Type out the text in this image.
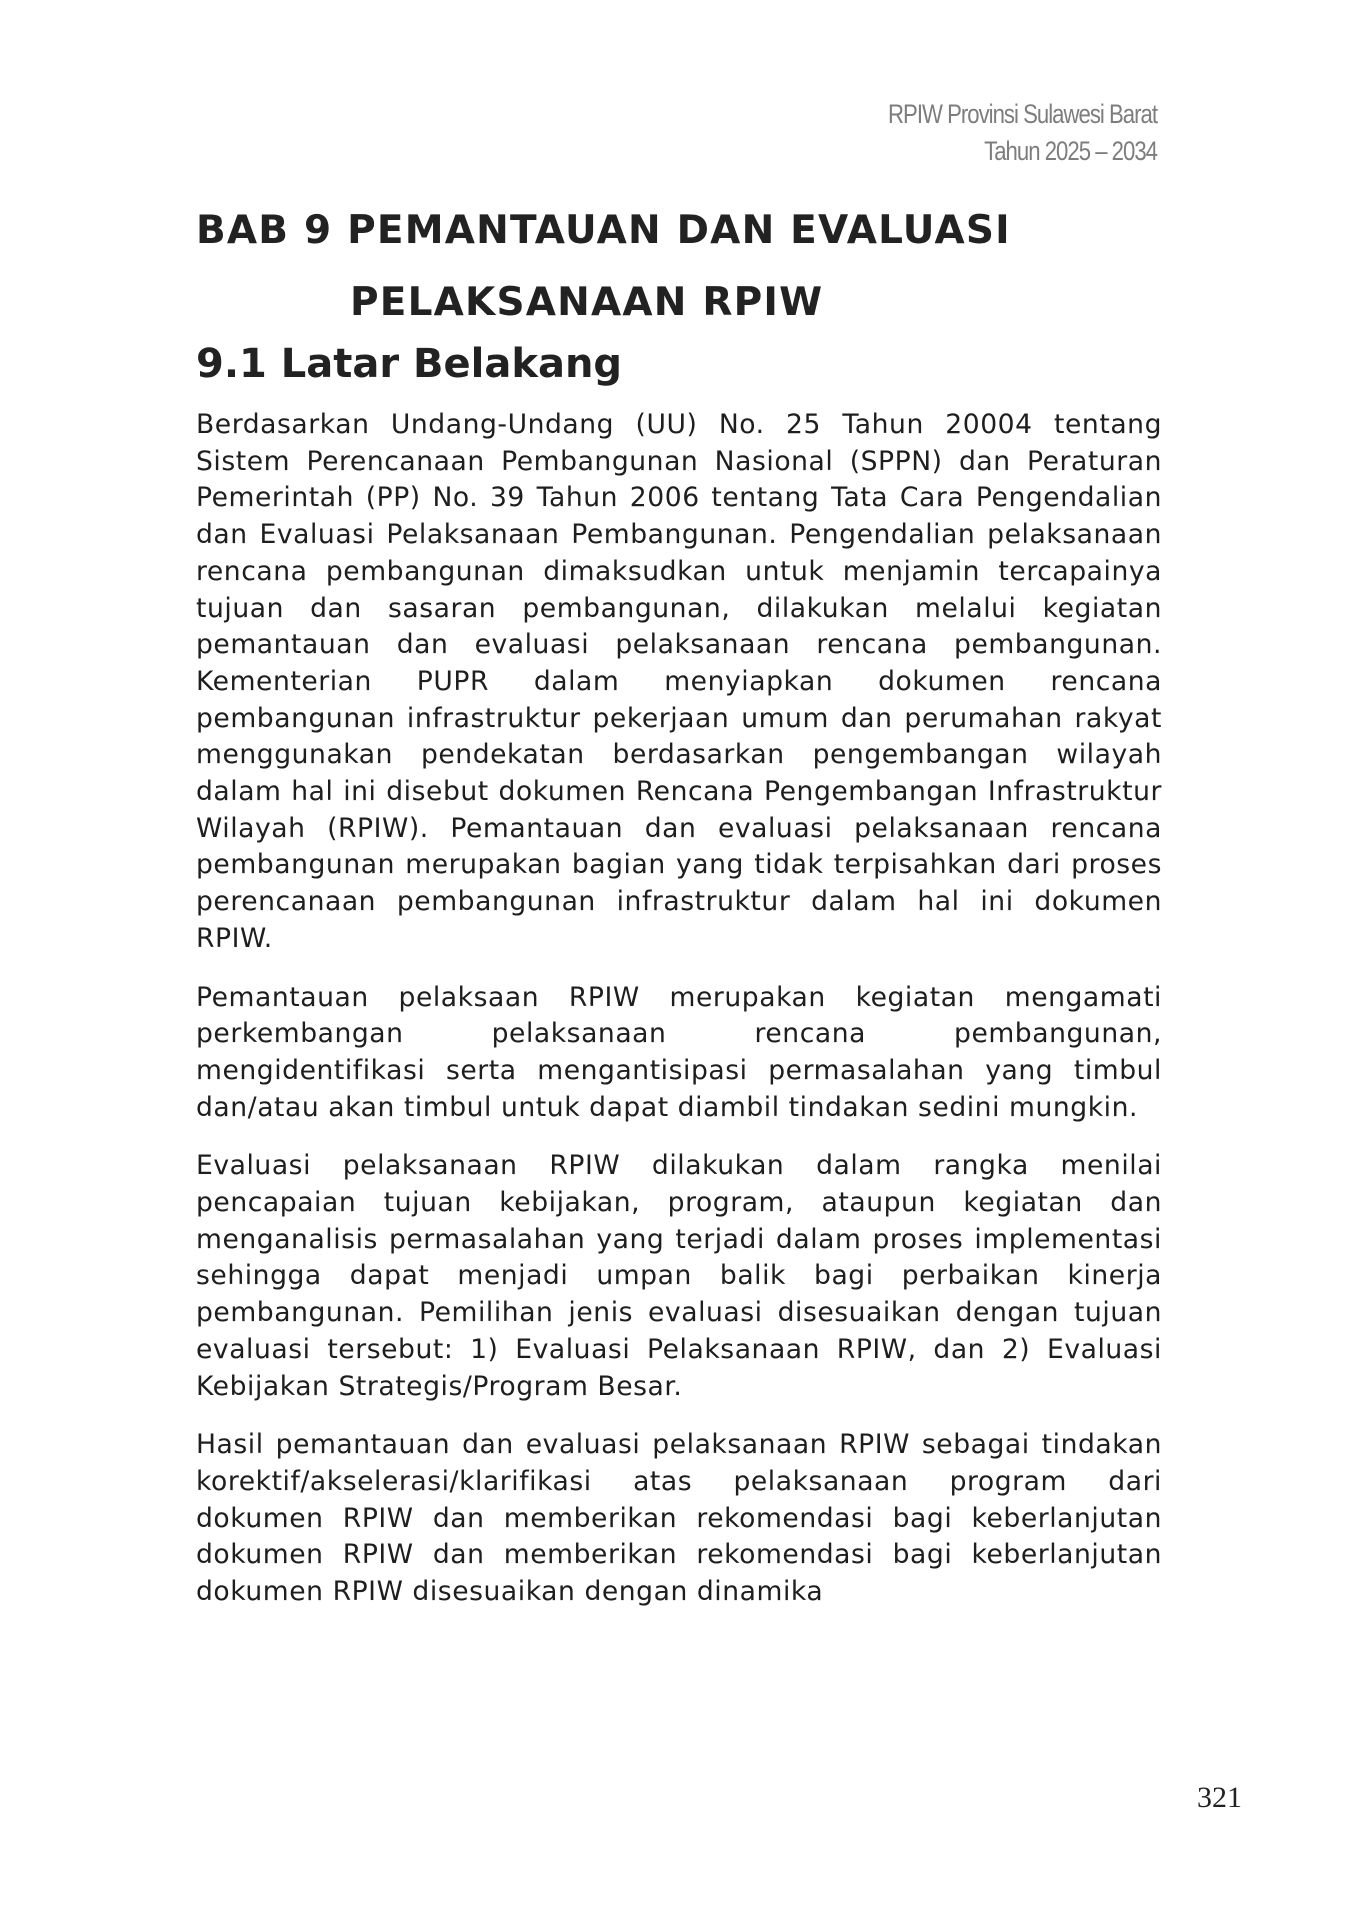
RPIW Provinsi Sulawesi Barat
Tahun 2025 – 2034
BAB 9 PEMANTAUAN DAN EVALUASI
PELAKSANAAN RPIW
9.1 Latar Belakang

Berdasarkan Undang-Undang (UU) No. 25 Tahun 20004 tentang Sistem Perencanaan Pembangunan Nasional (SPPN) dan Peraturan Pemerintah (PP) No. 39 Tahun 2006 tentang Tata Cara Pengendalian dan Evaluasi Pelaksanaan Pembangunan. Pengendalian pelaksanaan rencana pembangunan dimaksudkan untuk menjamin tercapainya tujuan dan sasaran pembangunan, dilakukan melalui kegiatan pemantauan dan evaluasi pelaksanaan rencana pembangunan. Kementerian PUPR dalam menyiapkan dokumen rencana pembangunan infrastruktur pekerjaan umum dan perumahan rakyat menggunakan pendekatan berdasarkan pengembangan wilayah dalam hal ini disebut dokumen Rencana Pengembangan Infrastruktur Wilayah (RPIW). Pemantauan dan evaluasi pelaksanaan rencana pembangunan merupakan bagian yang tidak terpisahkan dari proses perencanaan pembangunan infrastruktur dalam hal ini dokumen RPIW.

Pemantauan pelaksaan RPIW merupakan kegiatan mengamati perkembangan pelaksanaan rencana pembangunan, mengidentifikasi serta mengantisipasi permasalahan yang timbul dan/atau akan timbul untuk dapat diambil tindakan sedini mungkin.

Evaluasi pelaksanaan RPIW dilakukan dalam rangka menilai pencapaian tujuan kebijakan, program, ataupun kegiatan dan menganalisis permasalahan yang terjadi dalam proses implementasi sehingga dapat menjadi umpan balik bagi perbaikan kinerja pembangunan. Pemilihan jenis evaluasi disesuaikan dengan tujuan evaluasi tersebut: 1) Evaluasi Pelaksanaan RPIW, dan 2) Evaluasi Kebijakan Strategis/Program Besar.

Hasil pemantauan dan evaluasi pelaksanaan RPIW sebagai tindakan korektif/akselerasi/klarifikasi atas pelaksanaan program dari dokumen RPIW dan memberikan rekomendasi bagi keberlanjutan dokumen RPIW dan memberikan rekomendasi bagi keberlanjutan dokumen RPIW disesuaikan dengan dinamika

321
